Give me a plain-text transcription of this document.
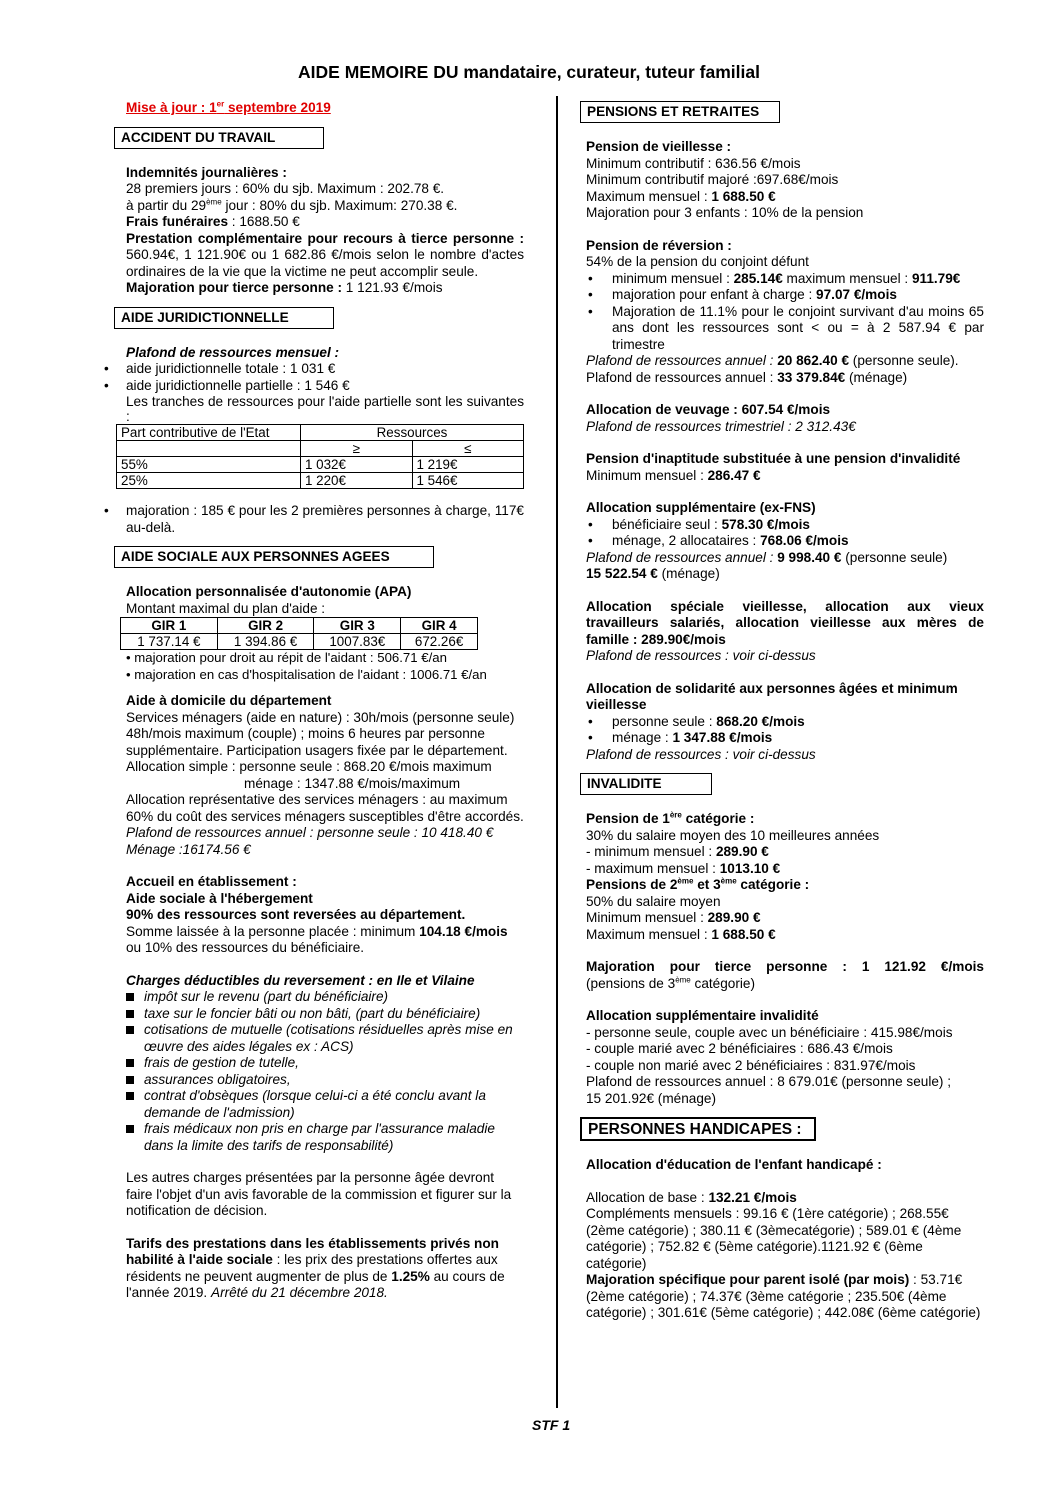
AIDE MEMOIRE DU mandataire, curateur, tuteur familial
Mise à jour : 1er septembre 2019
ACCIDENT DU TRAVAIL
Indemnités journalières :
28 premiers jours : 60% du sjb. Maximum : 202.78 €.
à partir du 29ème jour : 80% du sjb. Maximum: 270.38 €.
Frais funéraires : 1688.50 €
Prestation complémentaire pour recours à tierce personne : 560.94€, 1 121.90€ ou 1 682.86 €/mois selon le nombre d'actes ordinaires de la vie que la victime ne peut accomplir seule.
Majoration pour tierce personne : 1 121.93 €/mois
AIDE JURIDICTIONNELLE
Plafond de ressources mensuel :
• aide juridictionnelle totale : 1 031 €
• aide juridictionnelle partielle : 1 546 €
Les tranches de ressources pour l'aide partielle sont les suivantes :
Part contributive de l'Etat	Ressources	
	≥	≤
55%	1 032€	1 219€
25%	1 220€	1 546€
• majoration : 185 € pour les 2 premières personnes à charge, 117€ au-delà.
AIDE SOCIALE AUX PERSONNES AGEES
Allocation personnalisée d'autonomie (APA)
Montant maximal du plan d'aide :
GIR 1	GIR 2	GIR 3	GIR 4
1 737.14 €	1 394.86 €	1007.83€	672.26€
• majoration pour droit au répit de l'aidant : 506.71 €/an
• majoration en cas d'hospitalisation de l'aidant : 1006.71 €/an
Aide à domicile du département
Services ménagers (aide en nature) : 30h/mois (personne seule) 48h/mois maximum (couple) ; moins 6 heures par personne supplémentaire. Participation usagers fixée par le département.
Allocation simple : personne seule : 868.20 €/mois maximum
ménage : 1347.88 €/mois/maximum
Allocation représentative des services ménagers : au maximum 60% du coût des services ménagers susceptibles d'être accordés.
Plafond de ressources annuel : personne seule : 10 418.40 €
Ménage :16174.56 €
Accueil en établissement :
Aide sociale à l'hébergement
90% des ressources sont reversées au département.
Somme laissée à la personne placée : minimum 104.18 €/mois
ou 10% des ressources du bénéficiaire.
Charges déductibles du reversement : en Ile et Vilaine
impôt sur le revenu (part du bénéficiaire)
taxe sur le foncier bâti ou non bâti, (part du bénéficiaire)
cotisations de mutuelle (cotisations résiduelles après mise en œuvre des aides légales ex : ACS)
frais de gestion de tutelle,
assurances obligatoires,
contrat d'obsèques (lorsque celui-ci a été conclu avant la demande de l'admission)
frais médicaux non pris en charge par l'assurance maladie dans la limite des tarifs de responsabilité)
Les autres charges présentées par la personne âgée devront faire l'objet d'un avis favorable de la commission et figurer sur la notification de décision.
Tarifs des prestations dans les établissements privés non habilité à l'aide sociale : les prix des prestations offertes aux résidents ne peuvent augmenter de plus de 1.25% au cours de l'année 2019. Arrêté du 21 décembre 2018.
PENSIONS ET RETRAITES
Pension de vieillesse :
Minimum contributif : 636.56 €/mois
Minimum contributif majoré :697.68€/mois
Maximum mensuel : 1 688.50 €
Majoration pour 3 enfants : 10% de la pension
Pension de réversion :
54% de la pension du conjoint défunt
• minimum mensuel : 285.14€ maximum mensuel : 911.79€
• majoration pour enfant à charge : 97.07 €/mois
• Majoration de 11.1% pour le conjoint survivant d'au moins 65 ans dont les ressources sont < ou = à 2 587.94 € par trimestre
Plafond de ressources annuel : 20 862.40 € (personne seule).
Plafond de ressources annuel : 33 379.84€ (ménage)
Allocation de veuvage : 607.54 €/mois
Plafond de ressources trimestriel : 2 312.43€
Pension d'inaptitude substituée à une pension d'invalidité
Minimum mensuel : 286.47 €
Allocation supplémentaire (ex-FNS)
• bénéficiaire seul : 578.30 €/mois
• ménage, 2 allocataires : 768.06 €/mois
Plafond de ressources annuel : 9 998.40 € (personne seule)
15 522.54 € (ménage)
Allocation spéciale vieillesse, allocation aux vieux travailleurs salariés, allocation vieillesse aux mères de famille : 289.90€/mois
Plafond de ressources : voir ci-dessus
Allocation de solidarité aux personnes âgées et minimum vieillesse
• personne seule : 868.20 €/mois
• ménage : 1 347.88 €/mois
Plafond de ressources : voir ci-dessus
INVALIDITE
Pension de 1ère catégorie :
30% du salaire moyen des 10 meilleures années
- minimum mensuel : 289.90 €
- maximum mensuel : 1013.10 €
Pensions de 2ème et 3ème catégorie :
50% du salaire moyen
Minimum mensuel : 289.90 €
Maximum mensuel : 1 688.50 €
Majoration pour tierce personne : 1 121.92 €/mois
(pensions de 3ème catégorie)
Allocation supplémentaire invalidité
- personne seule, couple avec un bénéficiaire : 415.98€/mois
- couple marié avec 2 bénéficiaires : 686.43 €/mois
- couple non marié avec 2 bénéficiaires : 831.97€/mois
Plafond de ressources annuel : 8 679.01€ (personne seule) ;
15 201.92€ (ménage)
PERSONNES HANDICAPES :
Allocation d'éducation de l'enfant handicapé :
Allocation de base : 132.21 €/mois
Compléments mensuels : 99.16 € (1ère catégorie) ; 268.55€ (2ème catégorie) ; 380.11 € (3èmecatégorie) ; 589.01 € (4ème catégorie) ; 752.82 € (5ème catégorie).1121.92 € (6ème catégorie)
Majoration spécifique pour parent isolé (par mois) : 53.71€ (2ème catégorie) ; 74.37€ (3ème catégorie ; 235.50€ (4ème catégorie) ; 301.61€ (5ème catégorie) ; 442.08€ (6ème catégorie)
STF 1
